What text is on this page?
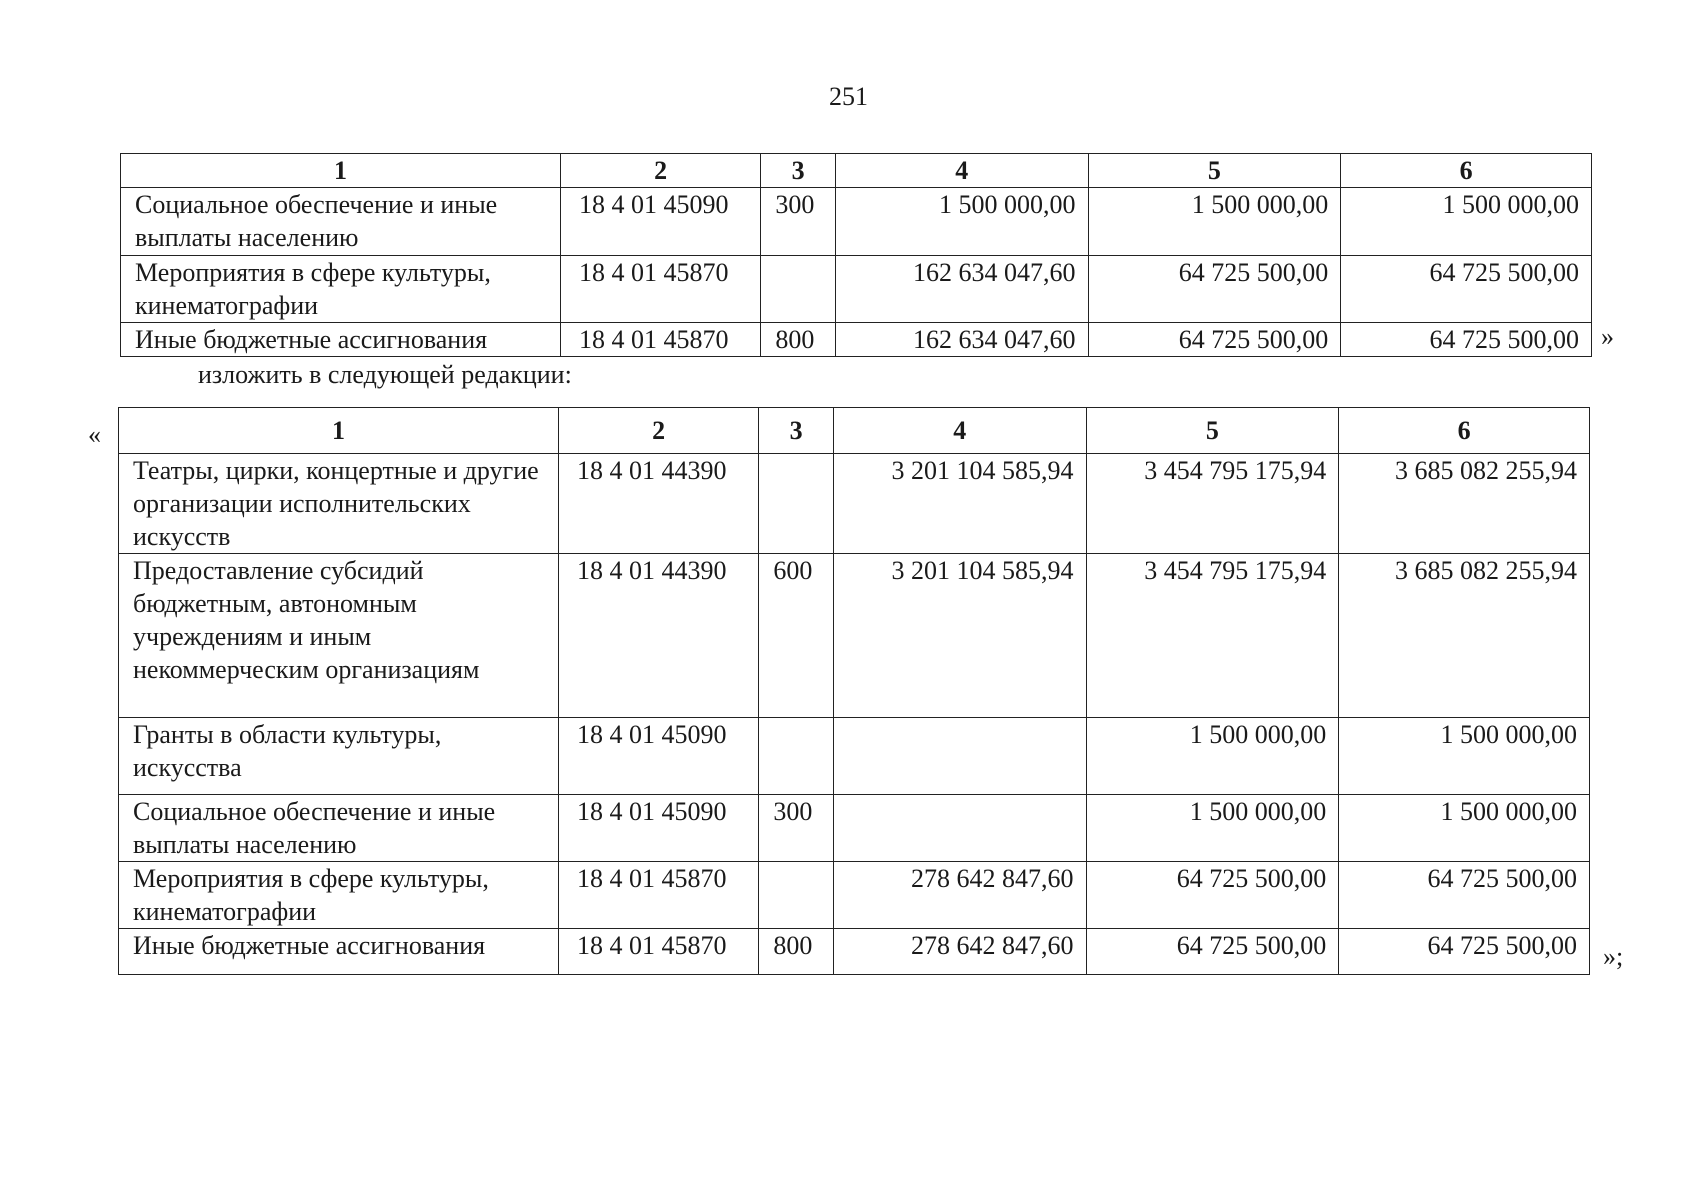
251
1	2	3	4	5	6
Социальное обеспечение и иные выплаты населению	18 4 01 45090	300	1 500 000,00	1 500 000,00	1 500 000,00
Мероприятия в сфере культуры, кинематографии	18 4 01 45870		162 634 047,60	64 725 500,00	64 725 500,00
Иные бюджетные ассигнования	18 4 01 45870	800	162 634 047,60	64 725 500,00	64 725 500,00 »
изложить в следующей редакции:
«	1	2	3	4	5	6
Театры, цирки, концертные и другие организации исполнительских искусств	18 4 01 44390		3 201 104 585,94	3 454 795 175,94	3 685 082 255,94
Предоставление субсидий бюджетным, автономным учреждениям и иным некоммерческим организациям	18 4 01 44390	600	3 201 104 585,94	3 454 795 175,94	3 685 082 255,94
Гранты в области культуры, искусства	18 4 01 45090			1 500 000,00	1 500 000,00
Социальное обеспечение и иные выплаты населению	18 4 01 45090	300		1 500 000,00	1 500 000,00
Мероприятия в сфере культуры, кинематографии	18 4 01 45870		278 642 847,60	64 725 500,00	64 725 500,00
Иные бюджетные ассигнования	18 4 01 45870	800	278 642 847,60	64 725 500,00	64 725 500,00 »;
